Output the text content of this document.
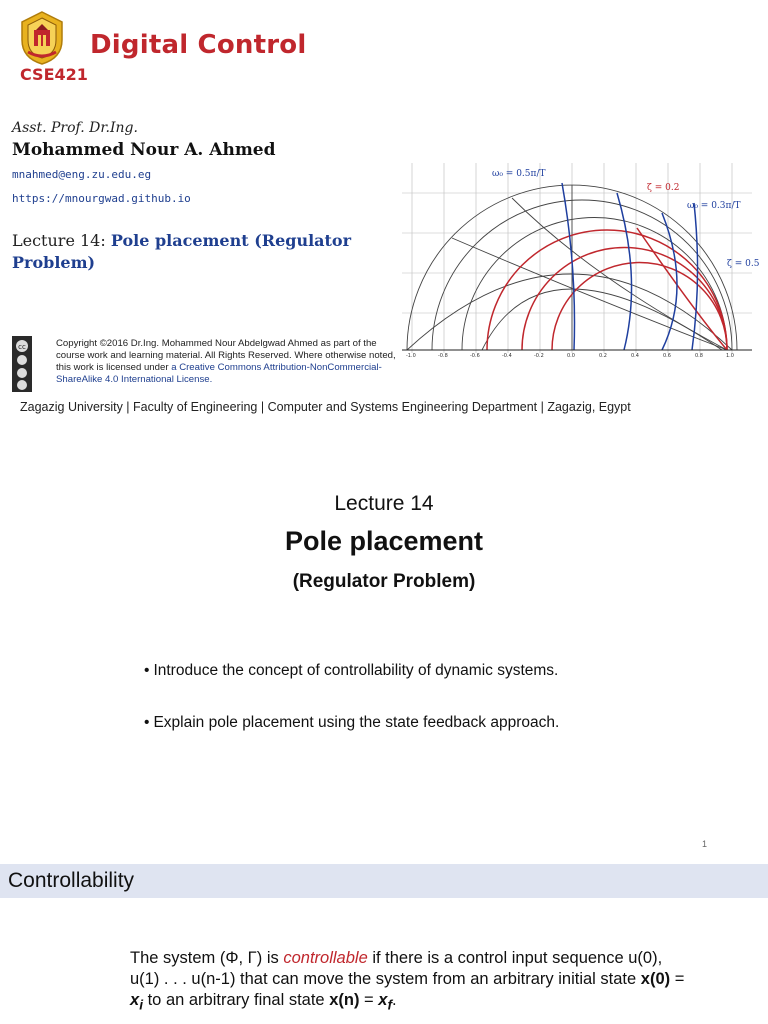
Digital Control
CSE421
Asst. Prof. Dr.Ing.
Mohammed Nour A. Ahmed
mnahmed@eng.zu.edu.eg
https://mnourgwad.github.io
Lecture 14: Pole placement (Regulator Problem)
ω₀ = 0.5π/T
ω₀ = 0.3π/T
ζ = 0.2
ζ = 0.5
-1.0	-0.8	-0.6	-0.4	-0.2	0.0	0.2	0.4	0.6	0.8	1.0
cc	Copyright ©2016 Dr.Ing. Mohammed Nour Abdelgwad Ahmed as part of the course work and learning material. All Rights Reserved. Where otherwise noted, this work is licensed under a Creative Commons Attribution-NonCommercial-ShareAlike 4.0 International License.
Zagazig University | Faculty of Engineering | Computer and Systems Engineering Department | Zagazig, Egypt
Lecture 14
Pole placement
(Regulator Problem)
• Introduce the concept of controllability of dynamic systems.
• Explain pole placement using the state feedback approach.
1
Controllability
The system (Φ, Γ) is controllable if there is a control input sequence u(0), u(1) . . . u(n-1) that can move the system from an arbitrary initial state $x(0) = x_i$ to an arbitrary final state $x(n) = x_f$.
